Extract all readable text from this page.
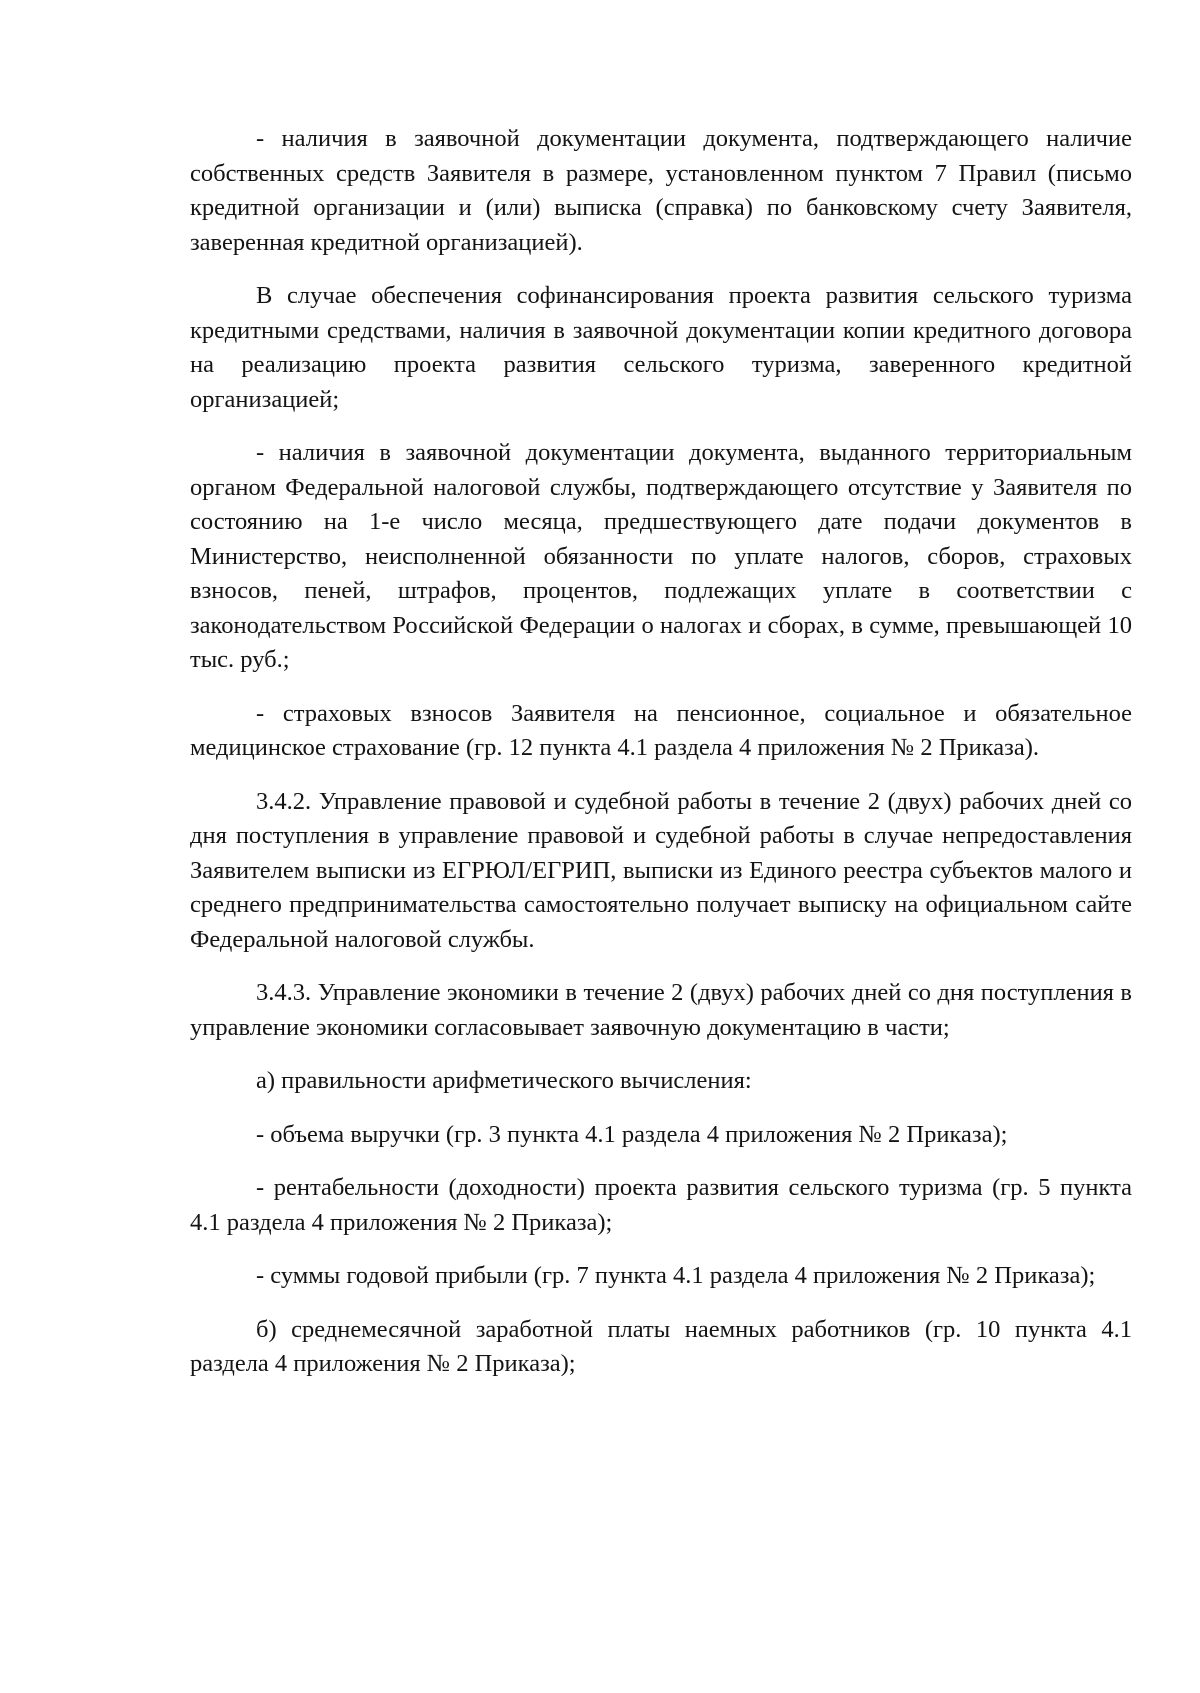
- наличия в заявочной документации документа, подтверждающего наличие собственных средств Заявителя в размере, установленном пунктом 7 Правил (письмо кредитной организации и (или) выписка (справка) по банковскому счету Заявителя, заверенная кредитной организацией).

В случае обеспечения софинансирования проекта развития сельского туризма кредитными средствами, наличия в заявочной документации копии кредитного договора на реализацию проекта развития сельского туризма, заверенного кредитной организацией;

- наличия в заявочной документации документа, выданного территориальным органом Федеральной налоговой службы, подтверждающего отсутствие у Заявителя по состоянию на 1-е число месяца, предшествующего дате подачи документов в Министерство, неисполненной обязанности по уплате налогов, сборов, страховых взносов, пеней, штрафов, процентов, подлежащих уплате в соответствии с законодательством Российской Федерации о налогах и сборах, в сумме, превышающей 10 тыс. руб.;

- страховых взносов Заявителя на пенсионное, социальное и обязательное медицинское страхование (гр. 12 пункта 4.1 раздела 4 приложения № 2 Приказа).

3.4.2. Управление правовой и судебной работы в течение 2 (двух) рабочих дней со дня поступления в управление правовой и судебной работы в случае непредоставления Заявителем выписки из ЕГРЮЛ/ЕГРИП, выписки из Единого реестра субъектов малого и среднего предпринимательства самостоятельно получает выписку на официальном сайте Федеральной налоговой службы.

3.4.3. Управление экономики в течение 2 (двух) рабочих дней со дня поступления в управление экономики согласовывает заявочную документацию в части;

а) правильности арифметического вычисления:

- объема выручки (гр. 3 пункта 4.1 раздела 4 приложения № 2 Приказа);

- рентабельности (доходности) проекта развития сельского туризма (гр. 5 пункта 4.1 раздела 4 приложения № 2 Приказа);

- суммы годовой прибыли (гр. 7 пункта 4.1 раздела 4 приложения № 2 Приказа);

б) среднемесячной заработной платы наемных работников (гр. 10 пункта 4.1 раздела 4 приложения № 2 Приказа);
